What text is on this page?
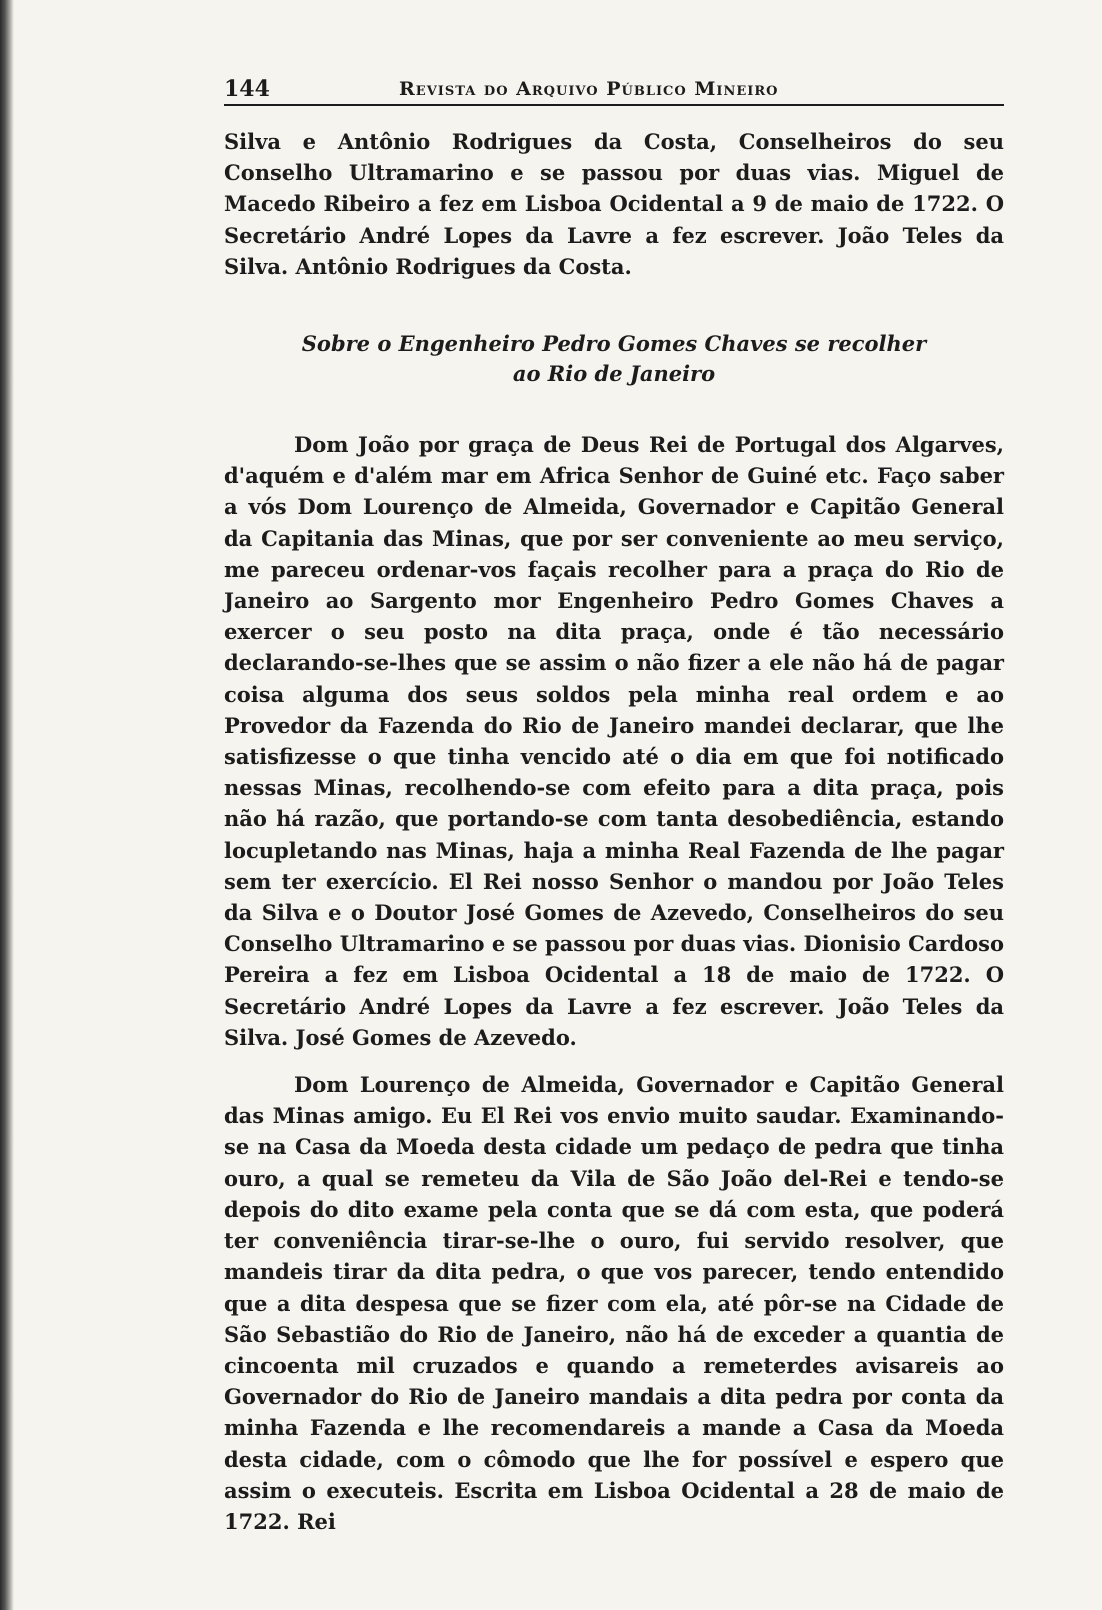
144	Revista do Arquivo Público Mineiro

Silva e Antônio Rodrigues da Costa, Conselheiros do seu Conselho Ultramarino e se passou por duas vias. Miguel de Macedo Ribeiro a fez em Lisboa Ocidental a 9 de maio de 1722. O Secretário André Lopes da Lavre a fez escrever. João Teles da Silva. Antônio Rodrigues da Costa.

Sobre o Engenheiro Pedro Gomes Chaves se recolher
ao Rio de Janeiro

Dom João por graça de Deus Rei de Portugal dos Algarves, d'aquém e d'além mar em Africa Senhor de Guiné etc. Faço saber a vós Dom Lourenço de Almeida, Governador e Capitão General da Capitania das Minas, que por ser conveniente ao meu serviço, me pareceu ordenar-vos façais recolher para a praça do Rio de Janeiro ao Sargento mor Engenheiro Pedro Gomes Chaves a exercer o seu posto na dita praça, onde é tão necessário declarando-se-lhes que se assim o não fizer a ele não há de pagar coisa alguma dos seus soldos pela minha real ordem e ao Provedor da Fazenda do Rio de Janeiro mandei declarar, que lhe satisfizesse o que tinha vencido até o dia em que foi notificado nessas Minas, recolhendo-se com efeito para a dita praça, pois não há razão, que portando-se com tanta desobediência, estando locupletando nas Minas, haja a minha Real Fazenda de lhe pagar sem ter exercício. El Rei nosso Senhor o mandou por João Teles da Silva e o Doutor José Gomes de Azevedo, Conselheiros do seu Conselho Ultramarino e se passou por duas vias. Dionisio Cardoso Pereira a fez em Lisboa Ocidental a 18 de maio de 1722. O Secretário André Lopes da Lavre a fez escrever. João Teles da Silva. José Gomes de Azevedo.

Dom Lourenço de Almeida, Governador e Capitão General das Minas amigo. Eu El Rei vos envio muito saudar. Examinando-se na Casa da Moeda desta cidade um pedaço de pedra que tinha ouro, a qual se remeteu da Vila de São João del-Rei e tendo-se depois do dito exame pela conta que se dá com esta, que poderá ter conveniência tirar-se-lhe o ouro, fui servido resolver, que mandeis tirar da dita pedra, o que vos parecer, tendo entendido que a dita despesa que se fizer com ela, até pôr-se na Cidade de São Sebastião do Rio de Janeiro, não há de exceder a quantia de cincoenta mil cruzados e quando a remeterdes avisareis ao Governador do Rio de Janeiro mandais a dita pedra por conta da minha Fazenda e lhe recomendareis a mande a Casa da Moeda desta cidade, com o cômodo que lhe for possível e espero que assim o executeis. Escrita em Lisboa Ocidental a 28 de maio de 1722. Rei
